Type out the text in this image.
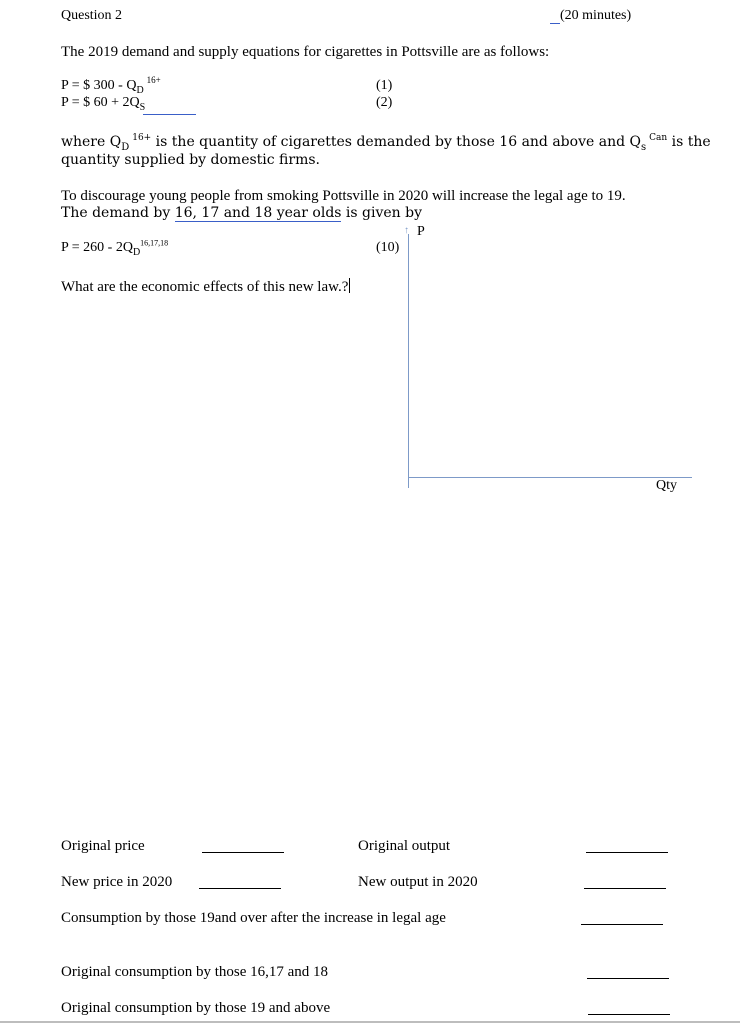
Question 2	(20 minutes)
The 2019 demand and supply equations for cigarettes in Pottsville are as follows:
P = $ $300 - Q_D^{16+}$	(1)
P = $ $60 + 2Q_S$	(2)
where $Q_D^{16+}$ is the quantity of cigarettes demanded by those 16 and above and $Q_s^{Can}$ is the
quantity supplied by domestic firms.
To discourage young people from smoking Pottsville in 2020 will increase the legal age to 19.
The demand by 16, 17 and 18 year olds is given by
$P = 260 - 2Q_D^{16,17,18}$	(10)
What are the economic effects of this new law.?
↑ P
Qty
Original price	Original output
New price in 2020	New output in 2020
Consumption by those 19and over after the increase in legal age
Original consumption by those 16,17 and 18
Original consumption by those 19 and above
